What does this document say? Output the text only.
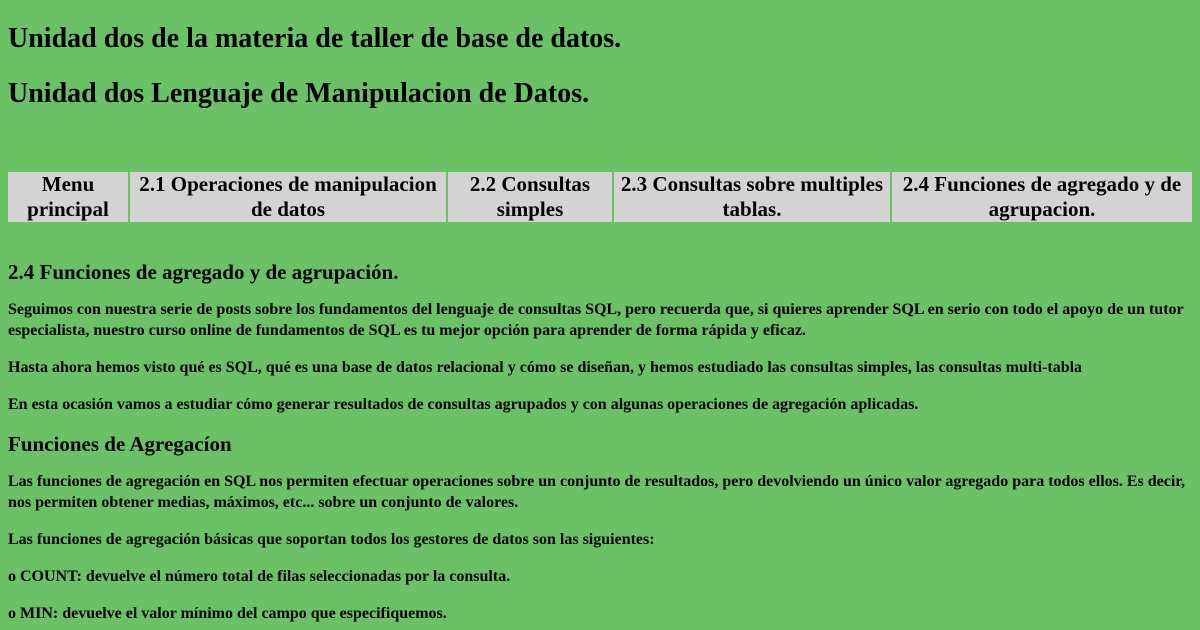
Unidad dos de la materia de taller de base de datos.
Unidad dos Lenguaje de Manipulacion de Datos.
Menu principal	2.1 Operaciones de manipulacion de datos	2.2 Consultas simples	2.3 Consultas sobre multiples tablas.	2.4 Funciones de agregado y de agrupacion.
2.4 Funciones de agregado y de agrupación.

Seguimos con nuestra serie de posts sobre los fundamentos del lenguaje de consultas SQL, pero recuerda que, si quieres aprender SQL en serio con todo el apoyo de un tutor especialista, nuestro curso online de fundamentos de SQL es tu mejor opción para aprender de forma rápida y eficaz.

Hasta ahora hemos visto qué es SQL, qué es una base de datos relacional y cómo se diseñan, y hemos estudiado las consultas simples, las consultas multi-tabla

En esta ocasión vamos a estudiar cómo generar resultados de consultas agrupados y con algunas operaciones de agregación aplicadas.

Funciones de Agregacíon

Las funciones de agregación en SQL nos permiten efectuar operaciones sobre un conjunto de resultados, pero devolviendo un único valor agregado para todos ellos. Es decir, nos permiten obtener medias, máximos, etc... sobre un conjunto de valores.

Las funciones de agregación básicas que soportan todos los gestores de datos son las siguientes:

o COUNT: devuelve el número total de filas seleccionadas por la consulta.

o MIN: devuelve el valor mínimo del campo que especifiquemos.
